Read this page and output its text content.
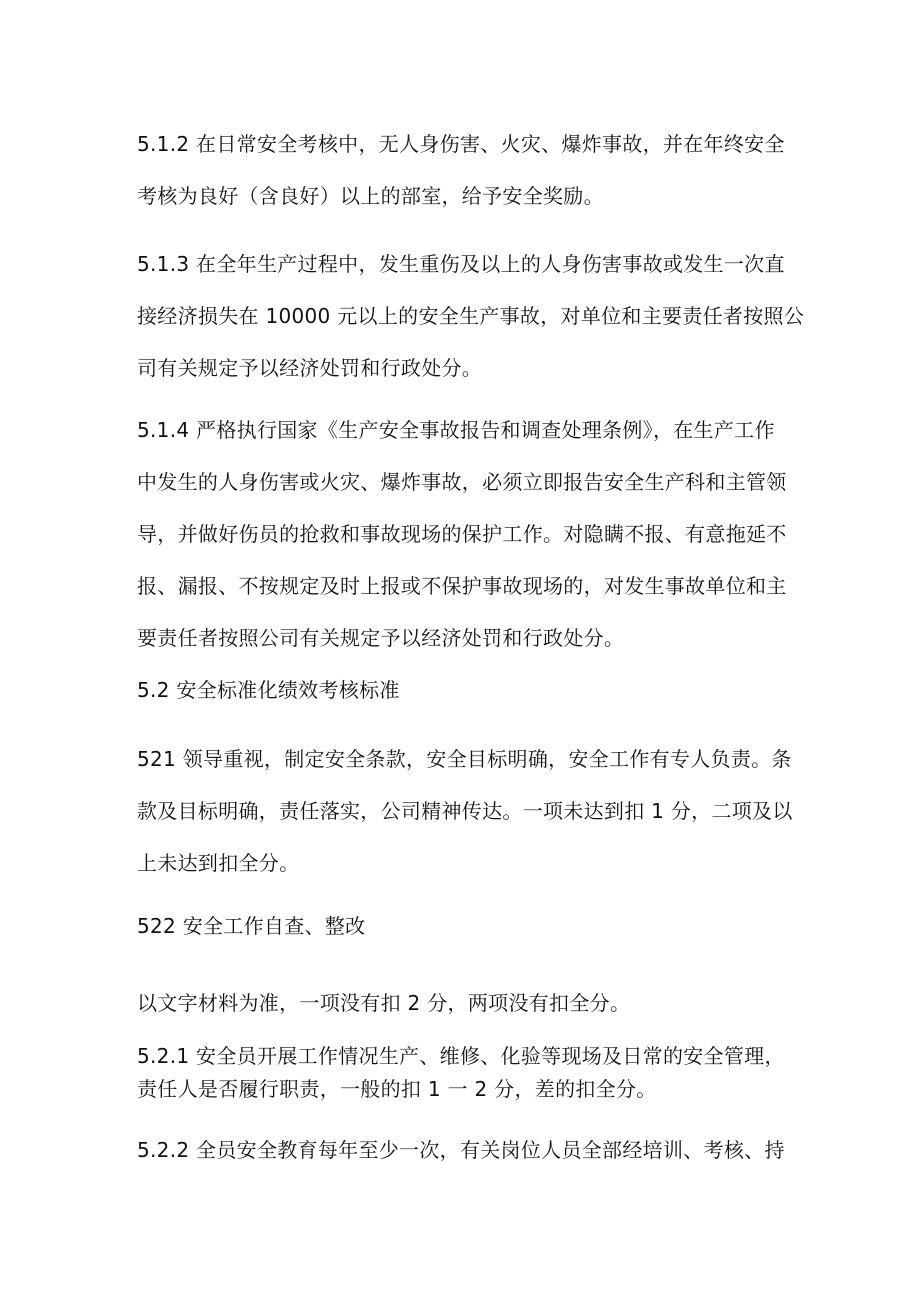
5.1.2 在日常安全考核中，无人身伤害、火灾、爆炸事故，并在年终安全
考核为良好（含良好）以上的部室，给予安全奖励。

5.1.3 在全年生产过程中，发生重伤及以上的人身伤害事故或发生一次直
接经济损失在 10000 元以上的安全生产事故，对单位和主要责任者按照公
司有关规定予以经济处罚和行政处分。

5.1.4 严格执行国家《生产安全事故报告和调查处理条例》，在生产工作
中发生的人身伤害或火灾、爆炸事故，必须立即报告安全生产科和主管领
导，并做好伤员的抢救和事故现场的保护工作。对隐瞒不报、有意拖延不
报、漏报、不按规定及时上报或不保护事故现场的，对发生事故单位和主
要责任者按照公司有关规定予以经济处罚和行政处分。

5.2 安全标准化绩效考核标准

521 领导重视，制定安全条款，安全目标明确，安全工作有专人负责。条
款及目标明确，责任落实，公司精神传达。一项未达到扣 1 分，二项及以
上未达到扣全分。

522 安全工作自查、整改

以文字材料为准，一项没有扣 2 分，两项没有扣全分。

5.2.1 安全员开展工作情况生产、维修、化验等现场及日常的安全管理，
责任人是否履行职责，一般的扣 1 一 2 分，差的扣全分。

5.2.2 全员安全教育每年至少一次，有关岗位人员全部经培训、考核、持
